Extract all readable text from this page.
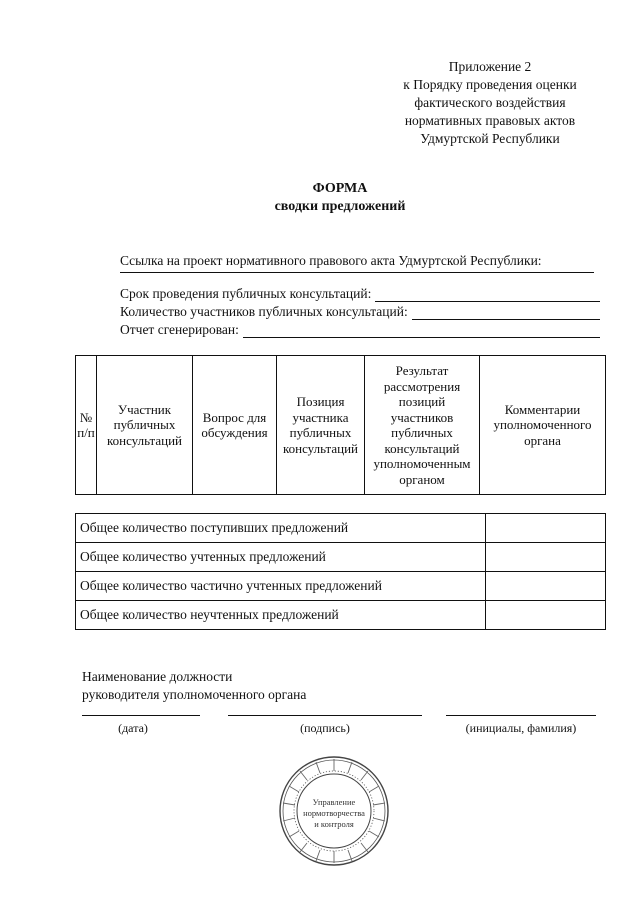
Приложение 2
к Порядку проведения оценки
фактического воздействия
нормативных правовых актов
Удмуртской Республики
ФОРМА
сводки предложений
Ссылка на проект нормативного правового акта Удмуртской Республики:
Срок проведения публичных консультаций:
Количество участников публичных консультаций:
Отчет сгенерирован:
№ п/п	Участник публичных консультаций	Вопрос для обсуждения	Позиция участника публичных консультаций	Результат рассмотрения позиций участников публичных консультаций уполномоченным органом	Комментарии уполномоченного органа
Общее количество поступивших предложений	
Общее количество учтенных предложений	
Общее количество частично учтенных предложений	
Общее количество неучтенных предложений	
Наименование должности
руководителя уполномоченного органа
(дата)	(подпись)	(инициалы, фамилия)
Управление
нормотворчества
и контроля
